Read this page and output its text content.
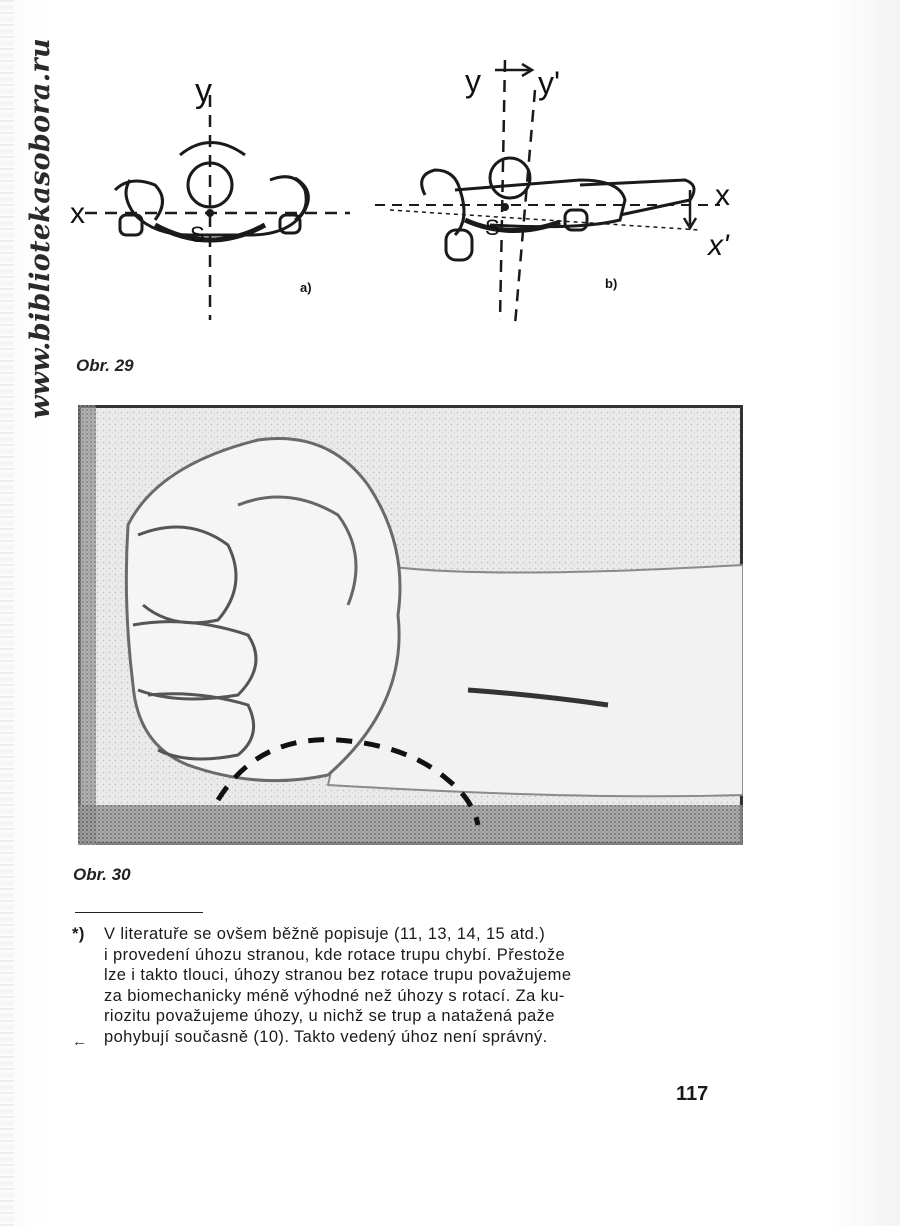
www.bibliotekasobora.ru	y
x
S
a)
y y'
x
x'
S
b)
Obr. 29
Obr. 30
*)	V literatuře se ovšem běžně popisuje (11, 13, 14, 15 atd.)
i provedení úhozu stranou, kde rotace trupu chybí. Přestože
lze i takto tlouci, úhozy stranou bez rotace trupu považujeme
za biomechanicky méně výhodné než úhozy s rotací. Za ku-
riozitu považujeme úhozy, u nichž se trup a natažená paže
pohybují současně (10). Takto vedený úhoz není správný.
←
117
